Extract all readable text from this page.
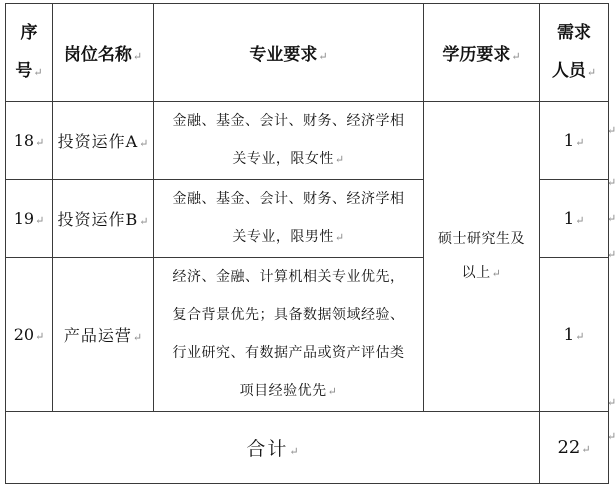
序
号↵	岗位名称↵	专业要求↵	学历要求↵	需求
人员↵

18↵	投资运作A↵	金融、基金、会计、财务、经济学相
关专业，限女性↵	硕士研究生及
以上↵	1↵
19↵	投资运作B↵	金融、基金、会计、财务、经济学相
关专业，限男性↵		1↵
20↵	产品运营↵	经济、金融、计算机相关专业优先，
复合背景优先；具备数据领域经验、
行业研究、有数据产品或资产评估类
项目经验优先↵		1↵
合计↵				22↵
↵
↵
↵
↵
↵
↵
